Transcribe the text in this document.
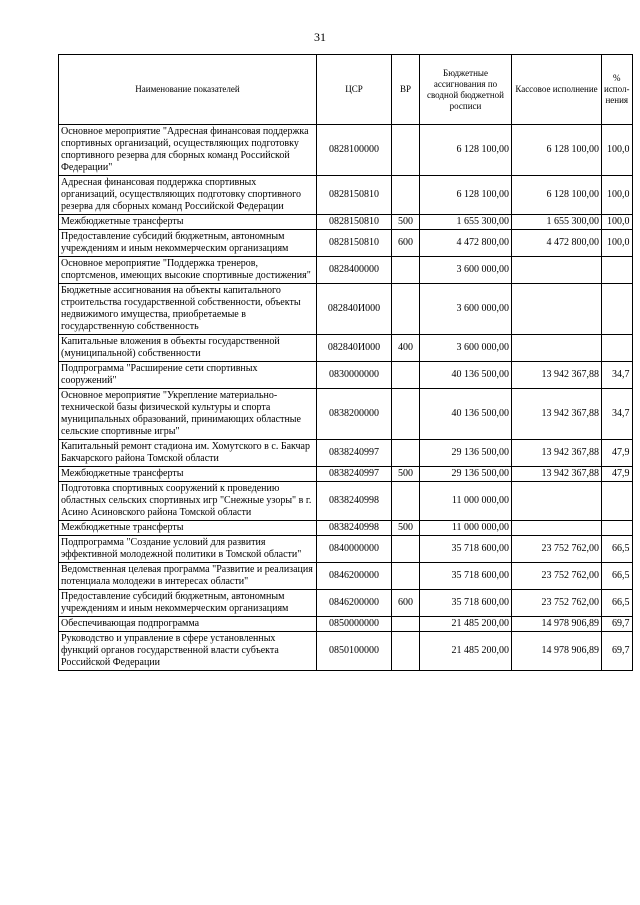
31
Наименование показателей	ЦСР	ВР	Бюджетные ассигнования по сводной бюджетной росписи	Кассовое исполнение	% испол-нения
Основное мероприятие "Адресная финансовая поддержка спортивных организаций, осуществляющих подготовку спортивного резерва для сборных команд Российской Федерации"	0828100000		6 128 100,00	6 128 100,00	100,0
Адресная финансовая поддержка спортивных организаций, осуществляющих подготовку спортивного резерва для сборных команд Российской Федерации	0828150810		6 128 100,00	6 128 100,00	100,0
Межбюджетные трансферты	0828150810	500	1 655 300,00	1 655 300,00	100,0
Предоставление субсидий бюджетным, автономным учреждениям и иным некоммерческим организациям	0828150810	600	4 472 800,00	4 472 800,00	100,0
Основное мероприятие "Поддержка тренеров, спортсменов, имеющих высокие спортивные достижения"	0828400000		3 600 000,00		
Бюджетные ассигнования на объекты капитального строительства государственной собственности, объекты недвижимого имущества, приобретаемые в государственную собственность	082840И000		3 600 000,00		
Капитальные вложения в объекты государственной (муниципальной) собственности	082840И000	400	3 600 000,00		
Подпрограмма "Расширение сети спортивных сооружений"	0830000000		40 136 500,00	13 942 367,88	34,7
Основное мероприятие "Укрепление материально-технической базы физической культуры и спорта муниципальных образований, принимающих областные сельские спортивные игры"	0838200000		40 136 500,00	13 942 367,88	34,7
Капитальный ремонт стадиона им. Хомутского в с. Бакчар Бакчарского района Томской области	0838240997		29 136 500,00	13 942 367,88	47,9
Межбюджетные трансферты	0838240997	500	29 136 500,00	13 942 367,88	47,9
Подготовка спортивных сооружений к проведению областных сельских спортивных игр "Снежные узоры" в г. Асино Асиновского района Томской области	0838240998		11 000 000,00		
Межбюджетные трансферты	0838240998	500	11 000 000,00		
Подпрограмма "Создание условий для развития эффективной молодежной политики в Томской области"	0840000000		35 718 600,00	23 752 762,00	66,5
Ведомственная целевая программа "Развитие и реализация потенциала молодежи в интересах области"	0846200000		35 718 600,00	23 752 762,00	66,5
Предоставление субсидий бюджетным, автономным учреждениям и иным некоммерческим организациям	0846200000	600	35 718 600,00	23 752 762,00	66,5
Обеспечивающая подпрограмма	0850000000		21 485 200,00	14 978 906,89	69,7
Руководство и управление в сфере установленных функций органов государственной власти субъекта Российской Федерации	0850100000		21 485 200,00	14 978 906,89	69,7
